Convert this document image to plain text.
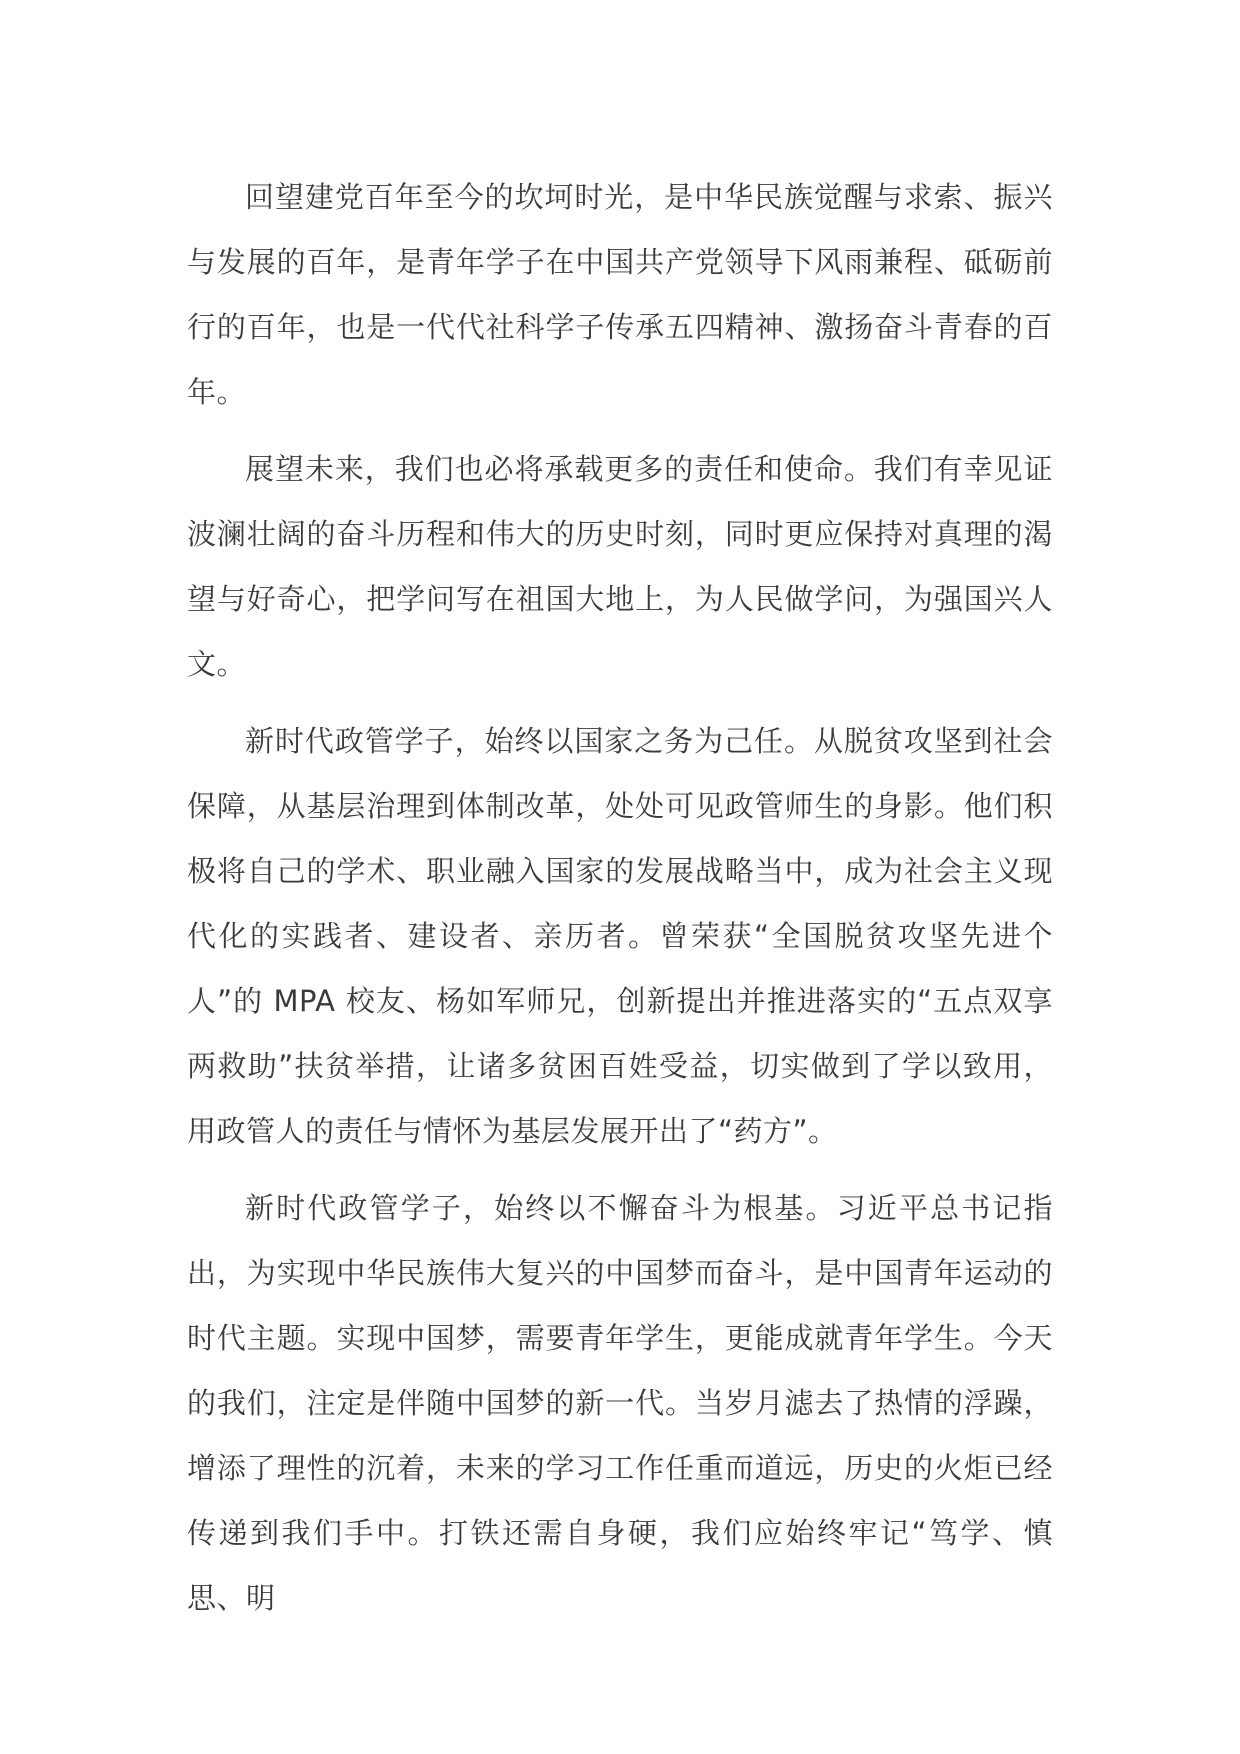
回望建党百年至今的坎坷时光，是中华民族觉醒与求索、振兴与发展的百年，是青年学子在中国共产党领导下风雨兼程、砥砺前行的百年，也是一代代社科学子传承五四精神、激扬奋斗青春的百年。

展望未来，我们也必将承载更多的责任和使命。我们有幸见证波澜壮阔的奋斗历程和伟大的历史时刻，同时更应保持对真理的渴望与好奇心，把学问写在祖国大地上，为人民做学问，为强国兴人文。

新时代政管学子，始终以国家之务为己任。从脱贫攻坚到社会保障，从基层治理到体制改革，处处可见政管师生的身影。他们积极将自己的学术、职业融入国家的发展战略当中，成为社会主义现代化的实践者、建设者、亲历者。曾荣获“全国脱贫攻坚先进个人”的 MPA 校友、杨如军师兄，创新提出并推进落实的“五点双享两救助”扶贫举措，让诸多贫困百姓受益，切实做到了学以致用，用政管人的责任与情怀为基层发展开出了“药方”。

新时代政管学子，始终以不懈奋斗为根基。习近平总书记指出，为实现中华民族伟大复兴的中国梦而奋斗，是中国青年运动的时代主题。实现中国梦，需要青年学生，更能成就青年学生。今天的我们，注定是伴随中国梦的新一代。当岁月滤去了热情的浮躁，增添了理性的沉着，未来的学习工作任重而道远，历史的火炬已经传递到我们手中。打铁还需自身硬，我们应始终牢记“笃学、慎思、明
